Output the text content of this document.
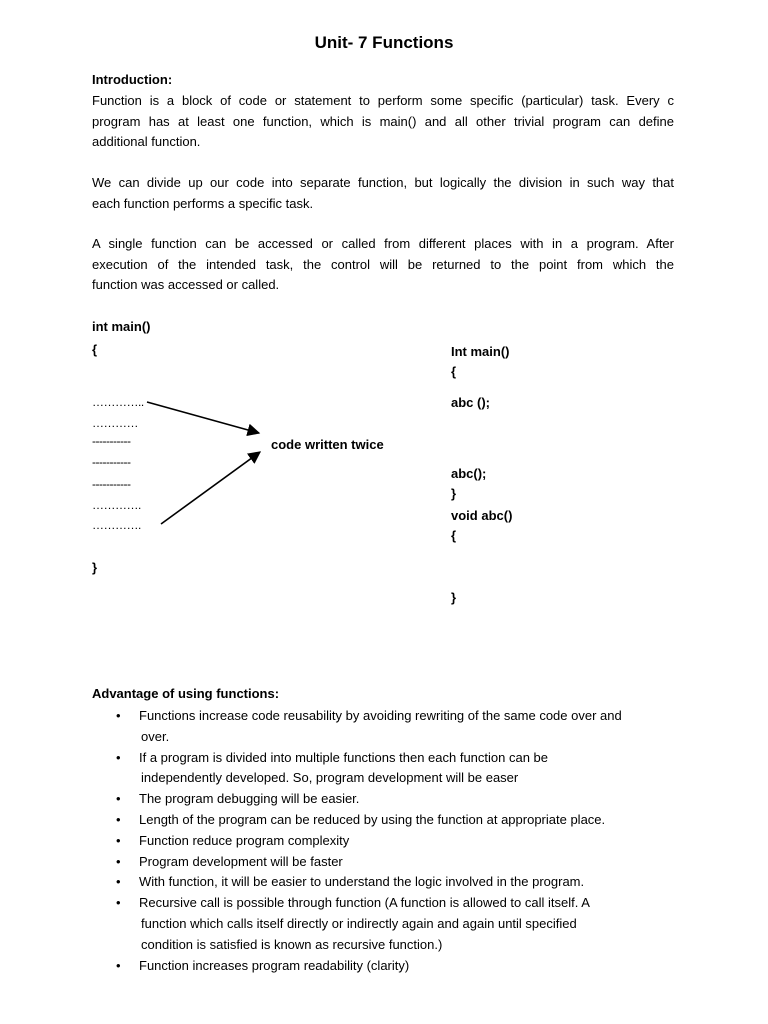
Unit- 7 Functions
Introduction:
Function is a block of code or statement to perform some specific (particular) task. Every c
program has at least one function, which is main() and all other trivial program can define
additional function.
We can divide up our code into separate function, but logically the division in such way that
each function performs a specific task.
A single function can be accessed or called from different places with in a program. After
execution of the intended task, the control will be returned to the point from which the
function was accessed or called.
int main()
{
…………..
…………
-----------
-----------
-----------
………….
………….
}
code written twice
Int main()
{
abc ();
abc();
}
void abc()
{
}
Advantage of using functions:
• Functions increase code reusability by avoiding rewriting of the same code over and
over.
• If a program is divided into multiple functions then each function can be
independently developed. So, program development will be easer
• The program debugging will be easier.
• Length of the program can be reduced by using the function at appropriate place.
• Function reduce program complexity
• Program development will be faster
• With function, it will be easier to understand the logic involved in the program.
• Recursive call is possible through function (A function is allowed to call itself. A
function which calls itself directly or indirectly again and again until specified
condition is satisfied is known as recursive function.)
• Function increases program readability (clarity)
